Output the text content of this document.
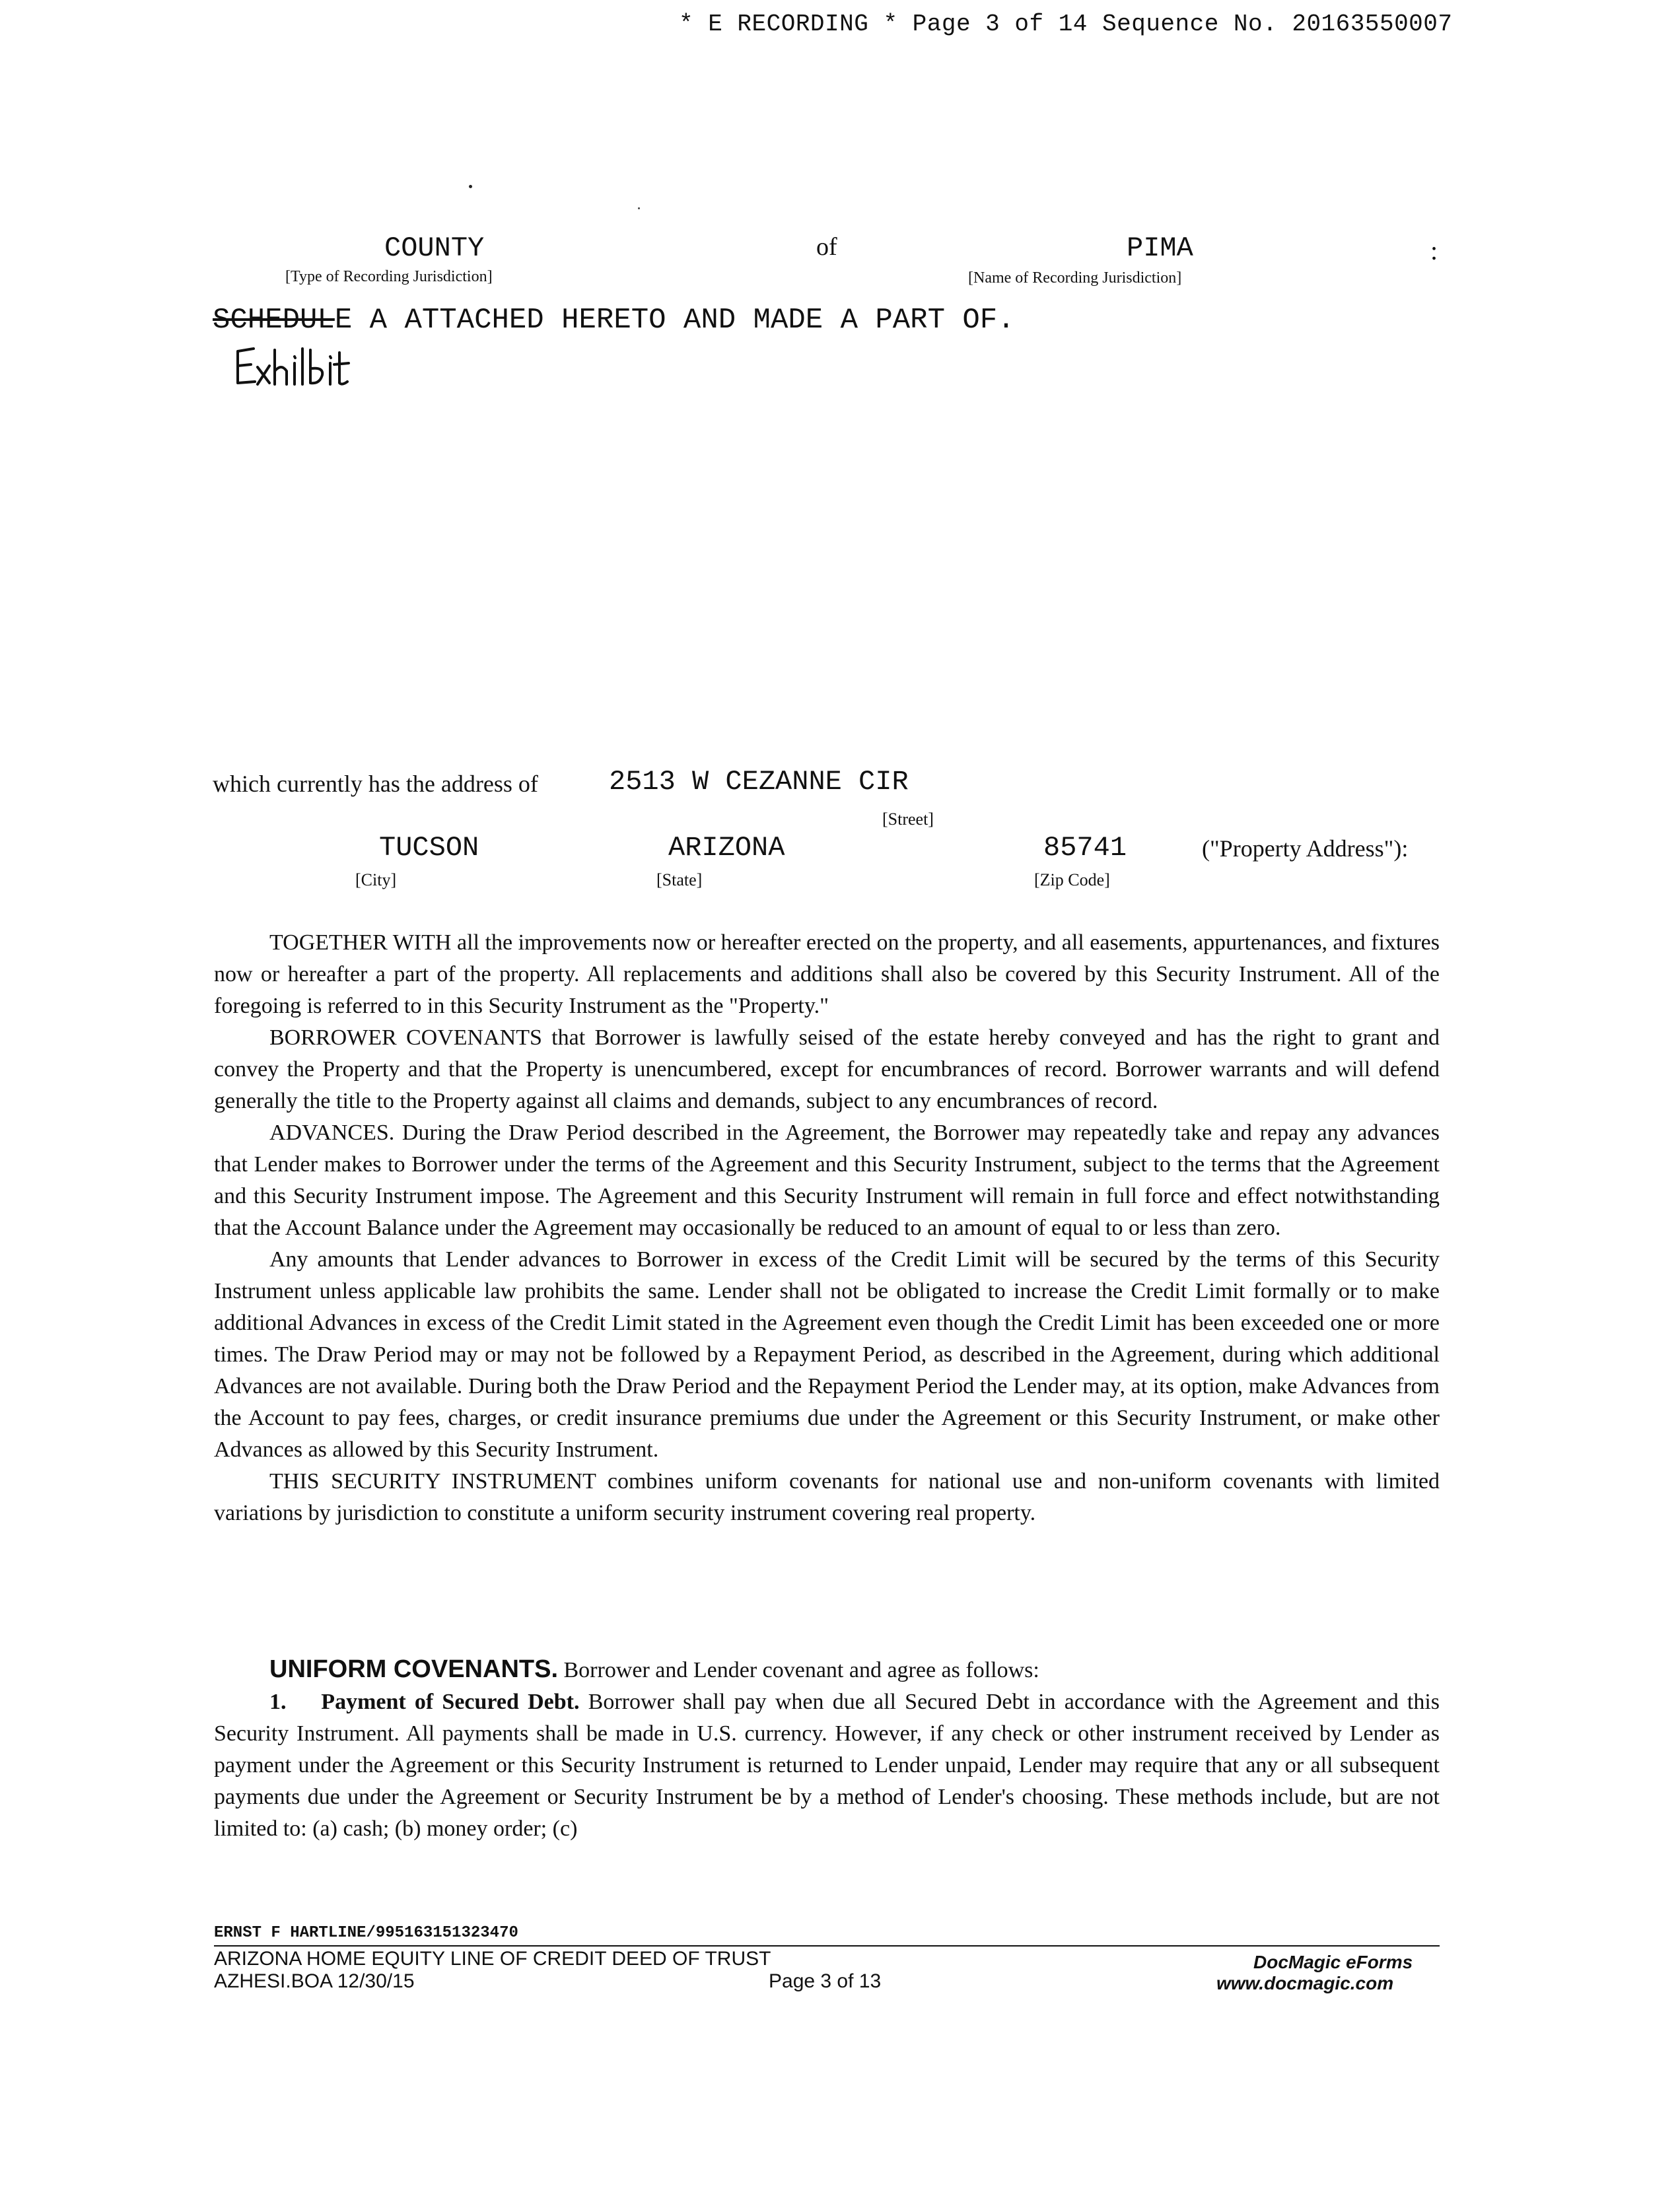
* E RECORDING * Page 3 of 14 Sequence No. 20163550007
COUNTY
[Type of Recording Jurisdiction]
of	PIMA
[Name of Recording Jurisdiction]
:
SCHEDULE A ATTACHED HERETO AND MADE A PART OF.
which currently has the address of	2513 W CEZANNE CIR
[Street]
TUCSON
[City]
ARIZONA
[State]
85741
[Zip Code]
("Property Address"):

TOGETHER WITH all the improvements now or hereafter erected on the property, and all easements, appurtenances, and fixtures now or hereafter a part of the property. All replacements and additions shall also be covered by this Security Instrument. All of the foregoing is referred to in this Security Instrument as the "Property."

BORROWER COVENANTS that Borrower is lawfully seised of the estate hereby conveyed and has the right to grant and convey the Property and that the Property is unencumbered, except for encumbrances of record. Borrower warrants and will defend generally the title to the Property against all claims and demands, subject to any encumbrances of record.

ADVANCES. During the Draw Period described in the Agreement, the Borrower may repeatedly take and repay any advances that Lender makes to Borrower under the terms of the Agreement and this Security Instrument, subject to the terms that the Agreement and this Security Instrument impose. The Agreement and this Security Instrument will remain in full force and effect notwithstanding that the Account Balance under the Agreement may occasionally be reduced to an amount of equal to or less than zero.

Any amounts that Lender advances to Borrower in excess of the Credit Limit will be secured by the terms of this Security Instrument unless applicable law prohibits the same. Lender shall not be obligated to increase the Credit Limit formally or to make additional Advances in excess of the Credit Limit stated in the Agreement even though the Credit Limit has been exceeded one or more times. The Draw Period may or may not be followed by a Repayment Period, as described in the Agreement, during which additional Advances are not available. During both the Draw Period and the Repayment Period the Lender may, at its option, make Advances from the Account to pay fees, charges, or credit insurance premiums due under the Agreement or this Security Instrument, or make other Advances as allowed by this Security Instrument.

THIS SECURITY INSTRUMENT combines uniform covenants for national use and non-uniform covenants with limited variations by jurisdiction to constitute a uniform security instrument covering real property.

UNIFORM COVENANTS. Borrower and Lender covenant and agree as follows:

1. Payment of Secured Debt. Borrower shall pay when due all Secured Debt in accordance with the Agreement and this Security Instrument. All payments shall be made in U.S. currency. However, if any check or other instrument received by Lender as payment under the Agreement or this Security Instrument is returned to Lender unpaid, Lender may require that any or all subsequent payments due under the Agreement or Security Instrument be by a method of Lender's choosing. These methods include, but are not limited to: (a) cash; (b) money order; (c)

ERNST F HARTLINE/995163151323470
ARIZONA HOME EQUITY LINE OF CREDIT DEED OF TRUST
AZHESI.BOA 12/30/15	Page 3 of 13
DocMagic eForms
www.docmagic.com
